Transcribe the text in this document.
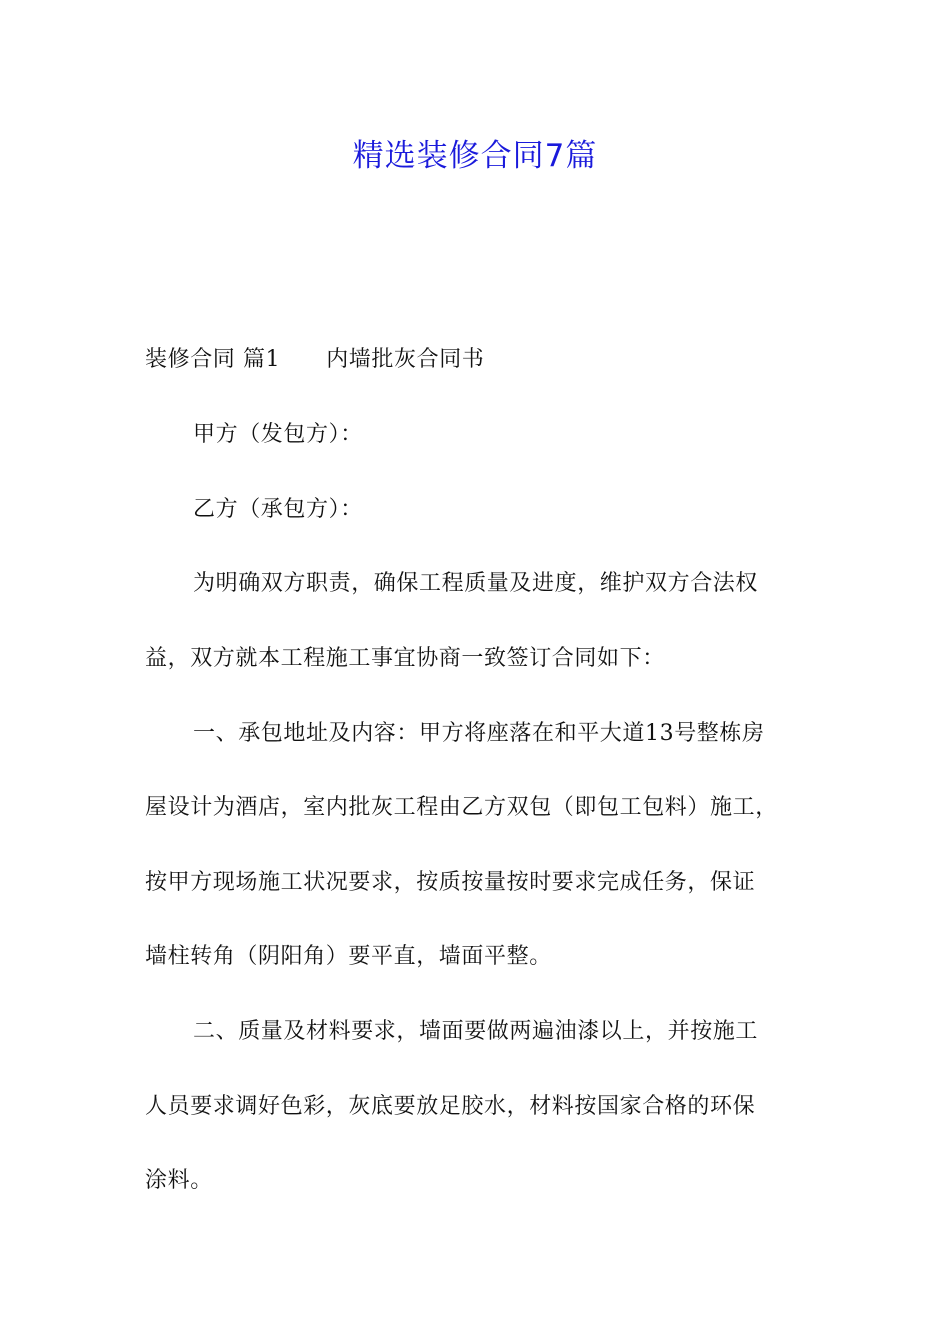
精选装修合同7篇
装修合同 篇1 内墙批灰合同书
甲方（发包方）：
乙方（承包方）：
为明确双方职责，确保工程质量及进度，维护双方合法权
益，双方就本工程施工事宜协商一致签订合同如下：
一、承包地址及内容：甲方将座落在和平大道13号整栋房
屋设计为酒店，室内批灰工程由乙方双包（即包工包料）施工，
按甲方现场施工状况要求，按质按量按时要求完成任务，保证
墙柱转角（阴阳角）要平直，墙面平整。
二、质量及材料要求，墙面要做两遍油漆以上，并按施工
人员要求调好色彩，灰底要放足胶水，材料按国家合格的环保
涂料。
